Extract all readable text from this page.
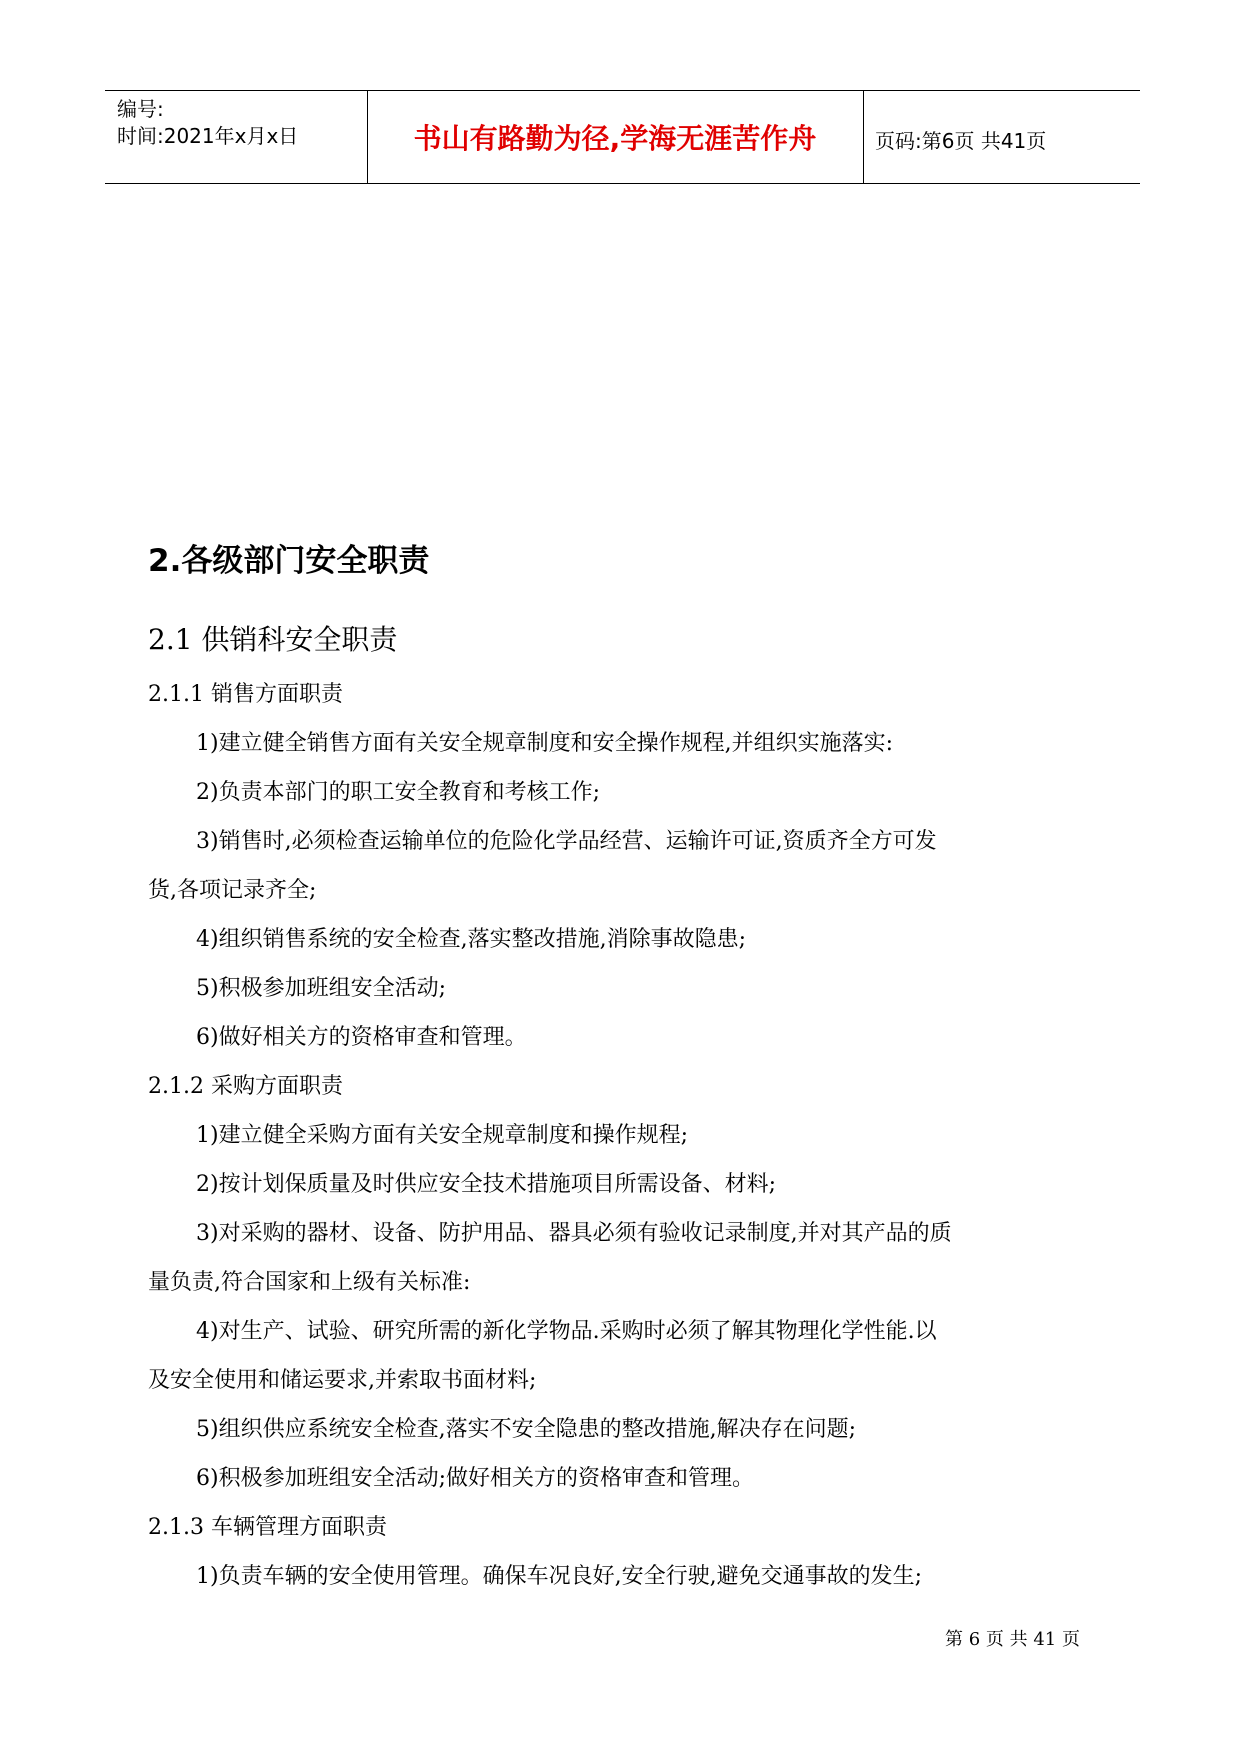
编号:
时间:2021年x月x日	书山有路勤为径,学海无涯苦作舟	页码:第6页 共41页
2.各级部门安全职责
2.1 供销科安全职责
2.1.1 销售方面职责
1)建立健全销售方面有关安全规章制度和安全操作规程,并组织实施落实:
2)负责本部门的职工安全教育和考核工作;
3)销售时,必须检查运输单位的危险化学品经营、运输许可证,资质齐全方可发
货,各项记录齐全;
4)组织销售系统的安全检查,落实整改措施,消除事故隐患;
5)积极参加班组安全活动;
6)做好相关方的资格审查和管理。
2.1.2 采购方面职责
1)建立健全采购方面有关安全规章制度和操作规程;
2)按计划保质量及时供应安全技术措施项目所需设备、材料;
3)对采购的器材、设备、防护用品、器具必须有验收记录制度,并对其产品的质
量负责,符合国家和上级有关标准:
4)对生产、试验、研究所需的新化学物品.采购时必须了解其物理化学性能.以
及安全使用和储运要求,并索取书面材料;
5)组织供应系统安全检查,落实不安全隐患的整改措施,解决存在问题;
6)积极参加班组安全活动;做好相关方的资格审查和管理。
2.1.3 车辆管理方面职责
1)负责车辆的安全使用管理。确保车况良好,安全行驶,避免交通事故的发生;
第 6 页 共 41 页
